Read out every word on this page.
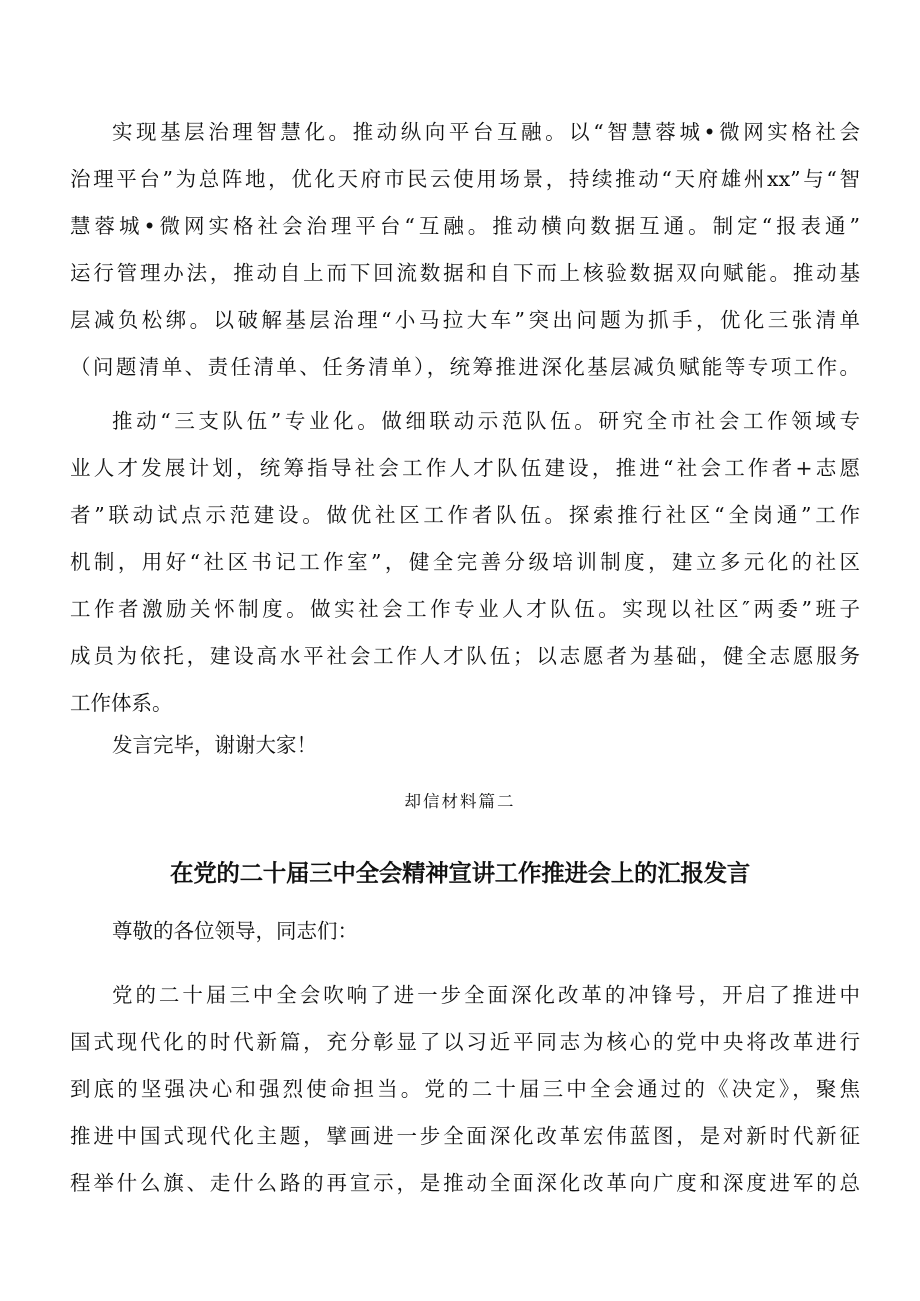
实现基层治理智慧化。推动纵向平台互融。以“智慧蓉城•微网实格社会
治理平台”为总阵地，优化天府市民云使用场景，持续推动“天府雄州xx”与“智
慧蓉城•微网实格社会治理平台“互融。推动横向数据互通。制定“报表通”
运行管理办法，推动自上而下回流数据和自下而上核验数据双向赋能。推动基
层减负松绑。以破解基层治理“小马拉大车”突出问题为抓手，优化三张清单
（问题清单、责任清单、任务清单），统筹推进深化基层减负赋能等专项工作。
推动“三支队伍”专业化。做细联动示范队伍。研究全市社会工作领域专
业人才发展计划，统筹指导社会工作人才队伍建设，推进“社会工作者+志愿
者”联动试点示范建设。做优社区工作者队伍。探索推行社区“全岗通”工作
机制，用好“社区书记工作室”，健全完善分级培训制度，建立多元化的社区
工作者激励关怀制度。做实社会工作专业人才队伍。实现以社区″两委”班子
成员为依托，建设高水平社会工作人才队伍；以志愿者为基础，健全志愿服务
工作体系。
发言完毕，谢谢大家！
却信材料篇二
在党的二十届三中全会精神宣讲工作推进会上的汇报发言
尊敬的各位领导，同志们：
党的二十届三中全会吹响了进一步全面深化改革的冲锋号，开启了推进中
国式现代化的时代新篇，充分彰显了以习近平同志为核心的党中央将改革进行
到底的坚强决心和强烈使命担当。党的二十届三中全会通过的《决定》，聚焦
推进中国式现代化主题，擘画进一步全面深化改革宏伟蓝图，是对新时代新征
程举什么旗、走什么路的再宣示，是推动全面深化改革向广度和深度进军的总
